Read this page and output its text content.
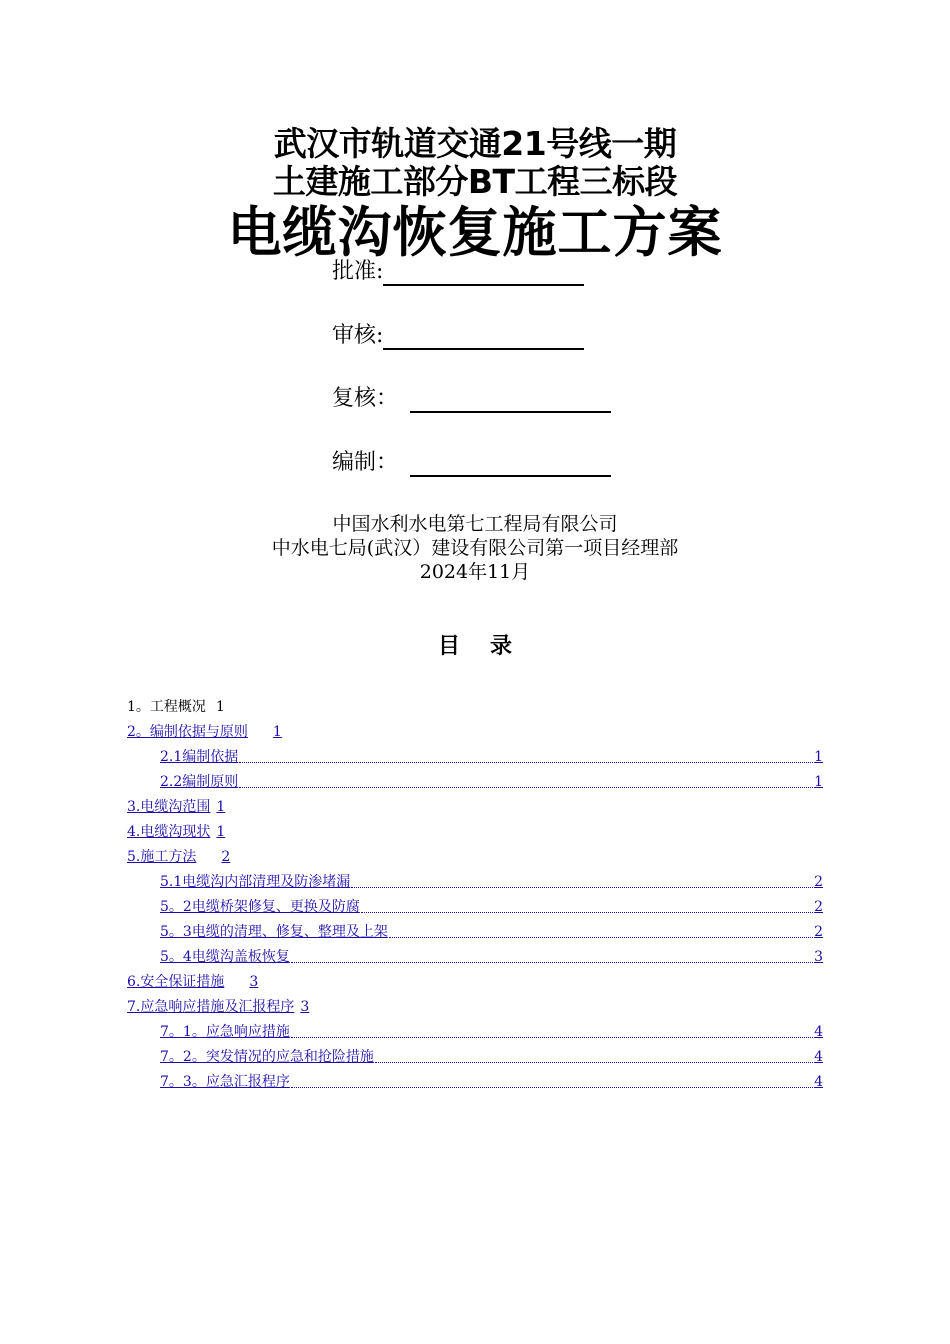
武汉市轨道交通21号线一期
土建施工部分BT工程三标段
电缆沟恢复施工方案
批准:
审核:
复核：
编制：
中国水利水电第七工程局有限公司
中水电七局(武汉）建设有限公司第一项目经理部
2024年11月
目 录
1。工程概况 1
2。编制依据与原则 1
2.1编制依据	1
2.2编制原则	1
3.电缆沟范围 1
4.电缆沟现状 1
5.施工方法 2
5.1电缆沟内部清理及防渗堵漏	2
5。2电缆桥架修复、更换及防腐	2
5。3电缆的清理、修复、整理及上架	2
5。4电缆沟盖板恢复	3
6.安全保证措施 3
7.应急响应措施及汇报程序 3
7。1。应急响应措施	4
7。2。突发情况的应急和抢险措施	4
7。3。应急汇报程序	4
